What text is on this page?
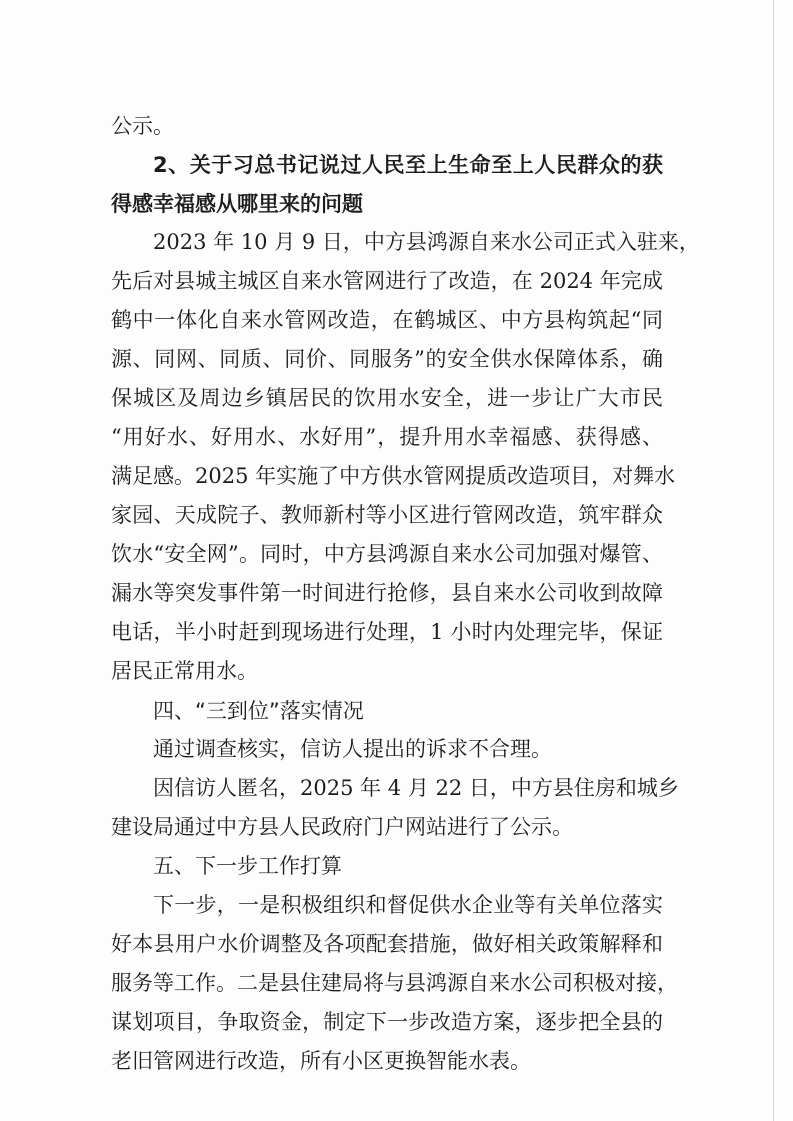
公示。
2、关于习总书记说过人民至上生命至上人民群众的获
得感幸福感从哪里来的问题
2023 年 10 月 9 日，中方县鸿源自来水公司正式入驻来，
先后对县城主城区自来水管网进行了改造，在 2024 年完成
鹤中一体化自来水管网改造，在鹤城区、中方县构筑起“同
源、同网、同质、同价、同服务”的安全供水保障体系，确
保城区及周边乡镇居民的饮用水安全，进一步让广大市民
“用好水、好用水、水好用”，提升用水幸福感、获得感、
满足感。2025 年实施了中方供水管网提质改造项目，对舞水
家园、天成院子、教师新村等小区进行管网改造，筑牢群众
饮水“安全网”。同时，中方县鸿源自来水公司加强对爆管、
漏水等突发事件第一时间进行抢修，县自来水公司收到故障
电话，半小时赶到现场进行处理，1 小时内处理完毕，保证
居民正常用水。
四、“三到位”落实情况
通过调查核实，信访人提出的诉求不合理。
因信访人匿名，2025 年 4 月 22 日，中方县住房和城乡
建设局通过中方县人民政府门户网站进行了公示。
五、下一步工作打算
下一步，一是积极组织和督促供水企业等有关单位落实
好本县用户水价调整及各项配套措施，做好相关政策解释和
服务等工作。二是县住建局将与县鸿源自来水公司积极对接，
谋划项目，争取资金，制定下一步改造方案，逐步把全县的
老旧管网进行改造，所有小区更换智能水表。
